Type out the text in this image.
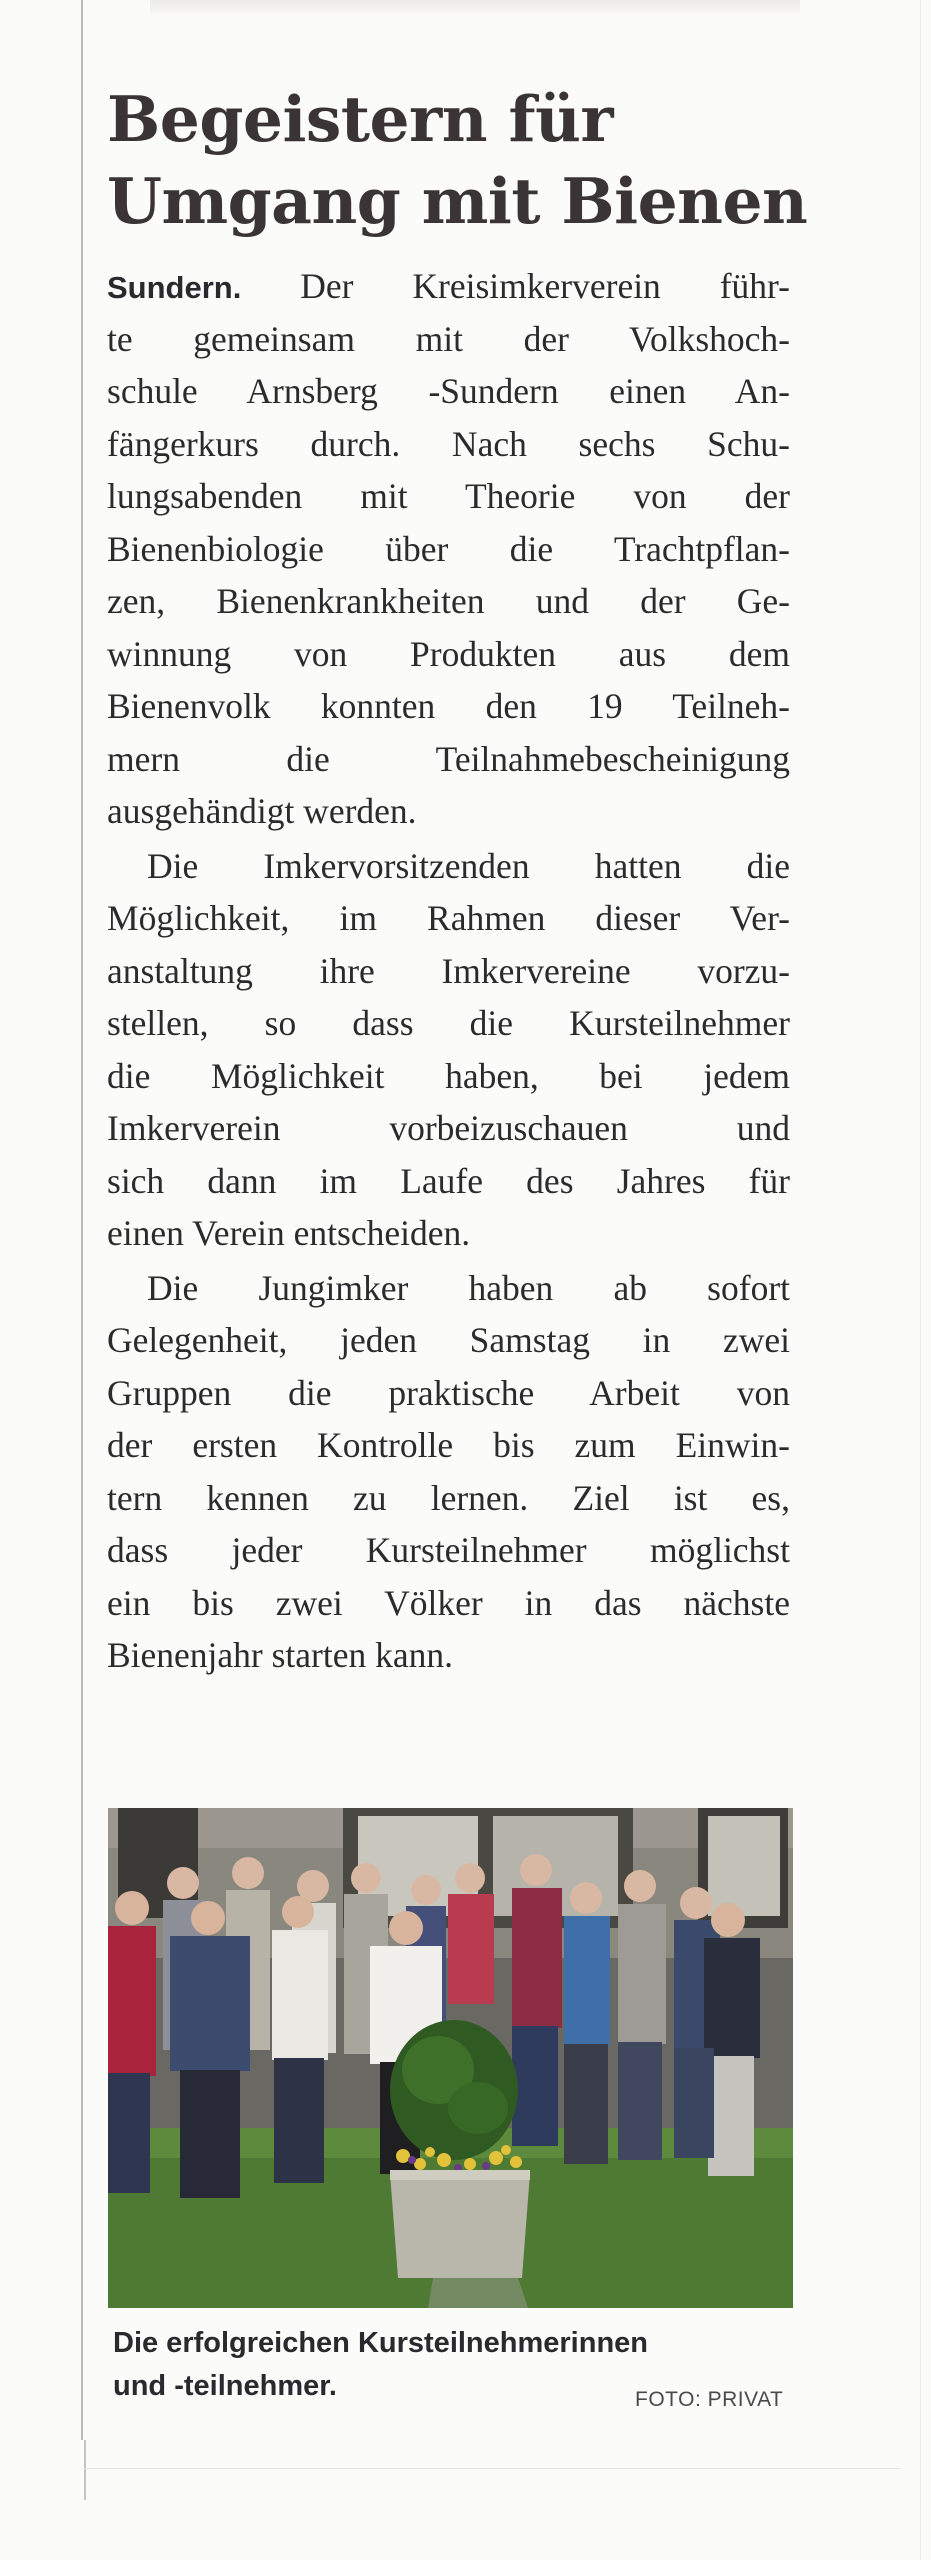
Begeistern für
Umgang mit Bienen
Sundern. Der Kreisimkerverein führ-
te gemeinsam mit der Volkshoch-
schule Arnsberg -Sundern einen An-
fängerkurs durch. Nach sechs Schu-
lungsabenden mit Theorie von der
Bienenbiologie über die Trachtpflan-
zen, Bienenkrankheiten und der Ge-
winnung von Produkten aus dem
Bienenvolk konnten den 19 Teilneh-
mern die Teilnahmebescheinigung
ausgehändigt werden.
Die Imkervorsitzenden hatten die
Möglichkeit, im Rahmen dieser Ver-
anstaltung ihre Imkervereine vorzu-
stellen, so dass die Kursteilnehmer
die Möglichkeit haben, bei jedem
Imkerverein vorbeizuschauen und
sich dann im Laufe des Jahres für
einen Verein entscheiden.
Die Jungimker haben ab sofort
Gelegenheit, jeden Samstag in zwei
Gruppen die praktische Arbeit von
der ersten Kontrolle bis zum Einwin-
tern kennen zu lernen. Ziel ist es,
dass jeder Kursteilnehmer möglichst
ein bis zwei Völker in das nächste
Bienenjahr starten kann.
Die erfolgreichen Kursteilnehmerinnen
und -teilnehmer.	FOTO: PRIVAT
